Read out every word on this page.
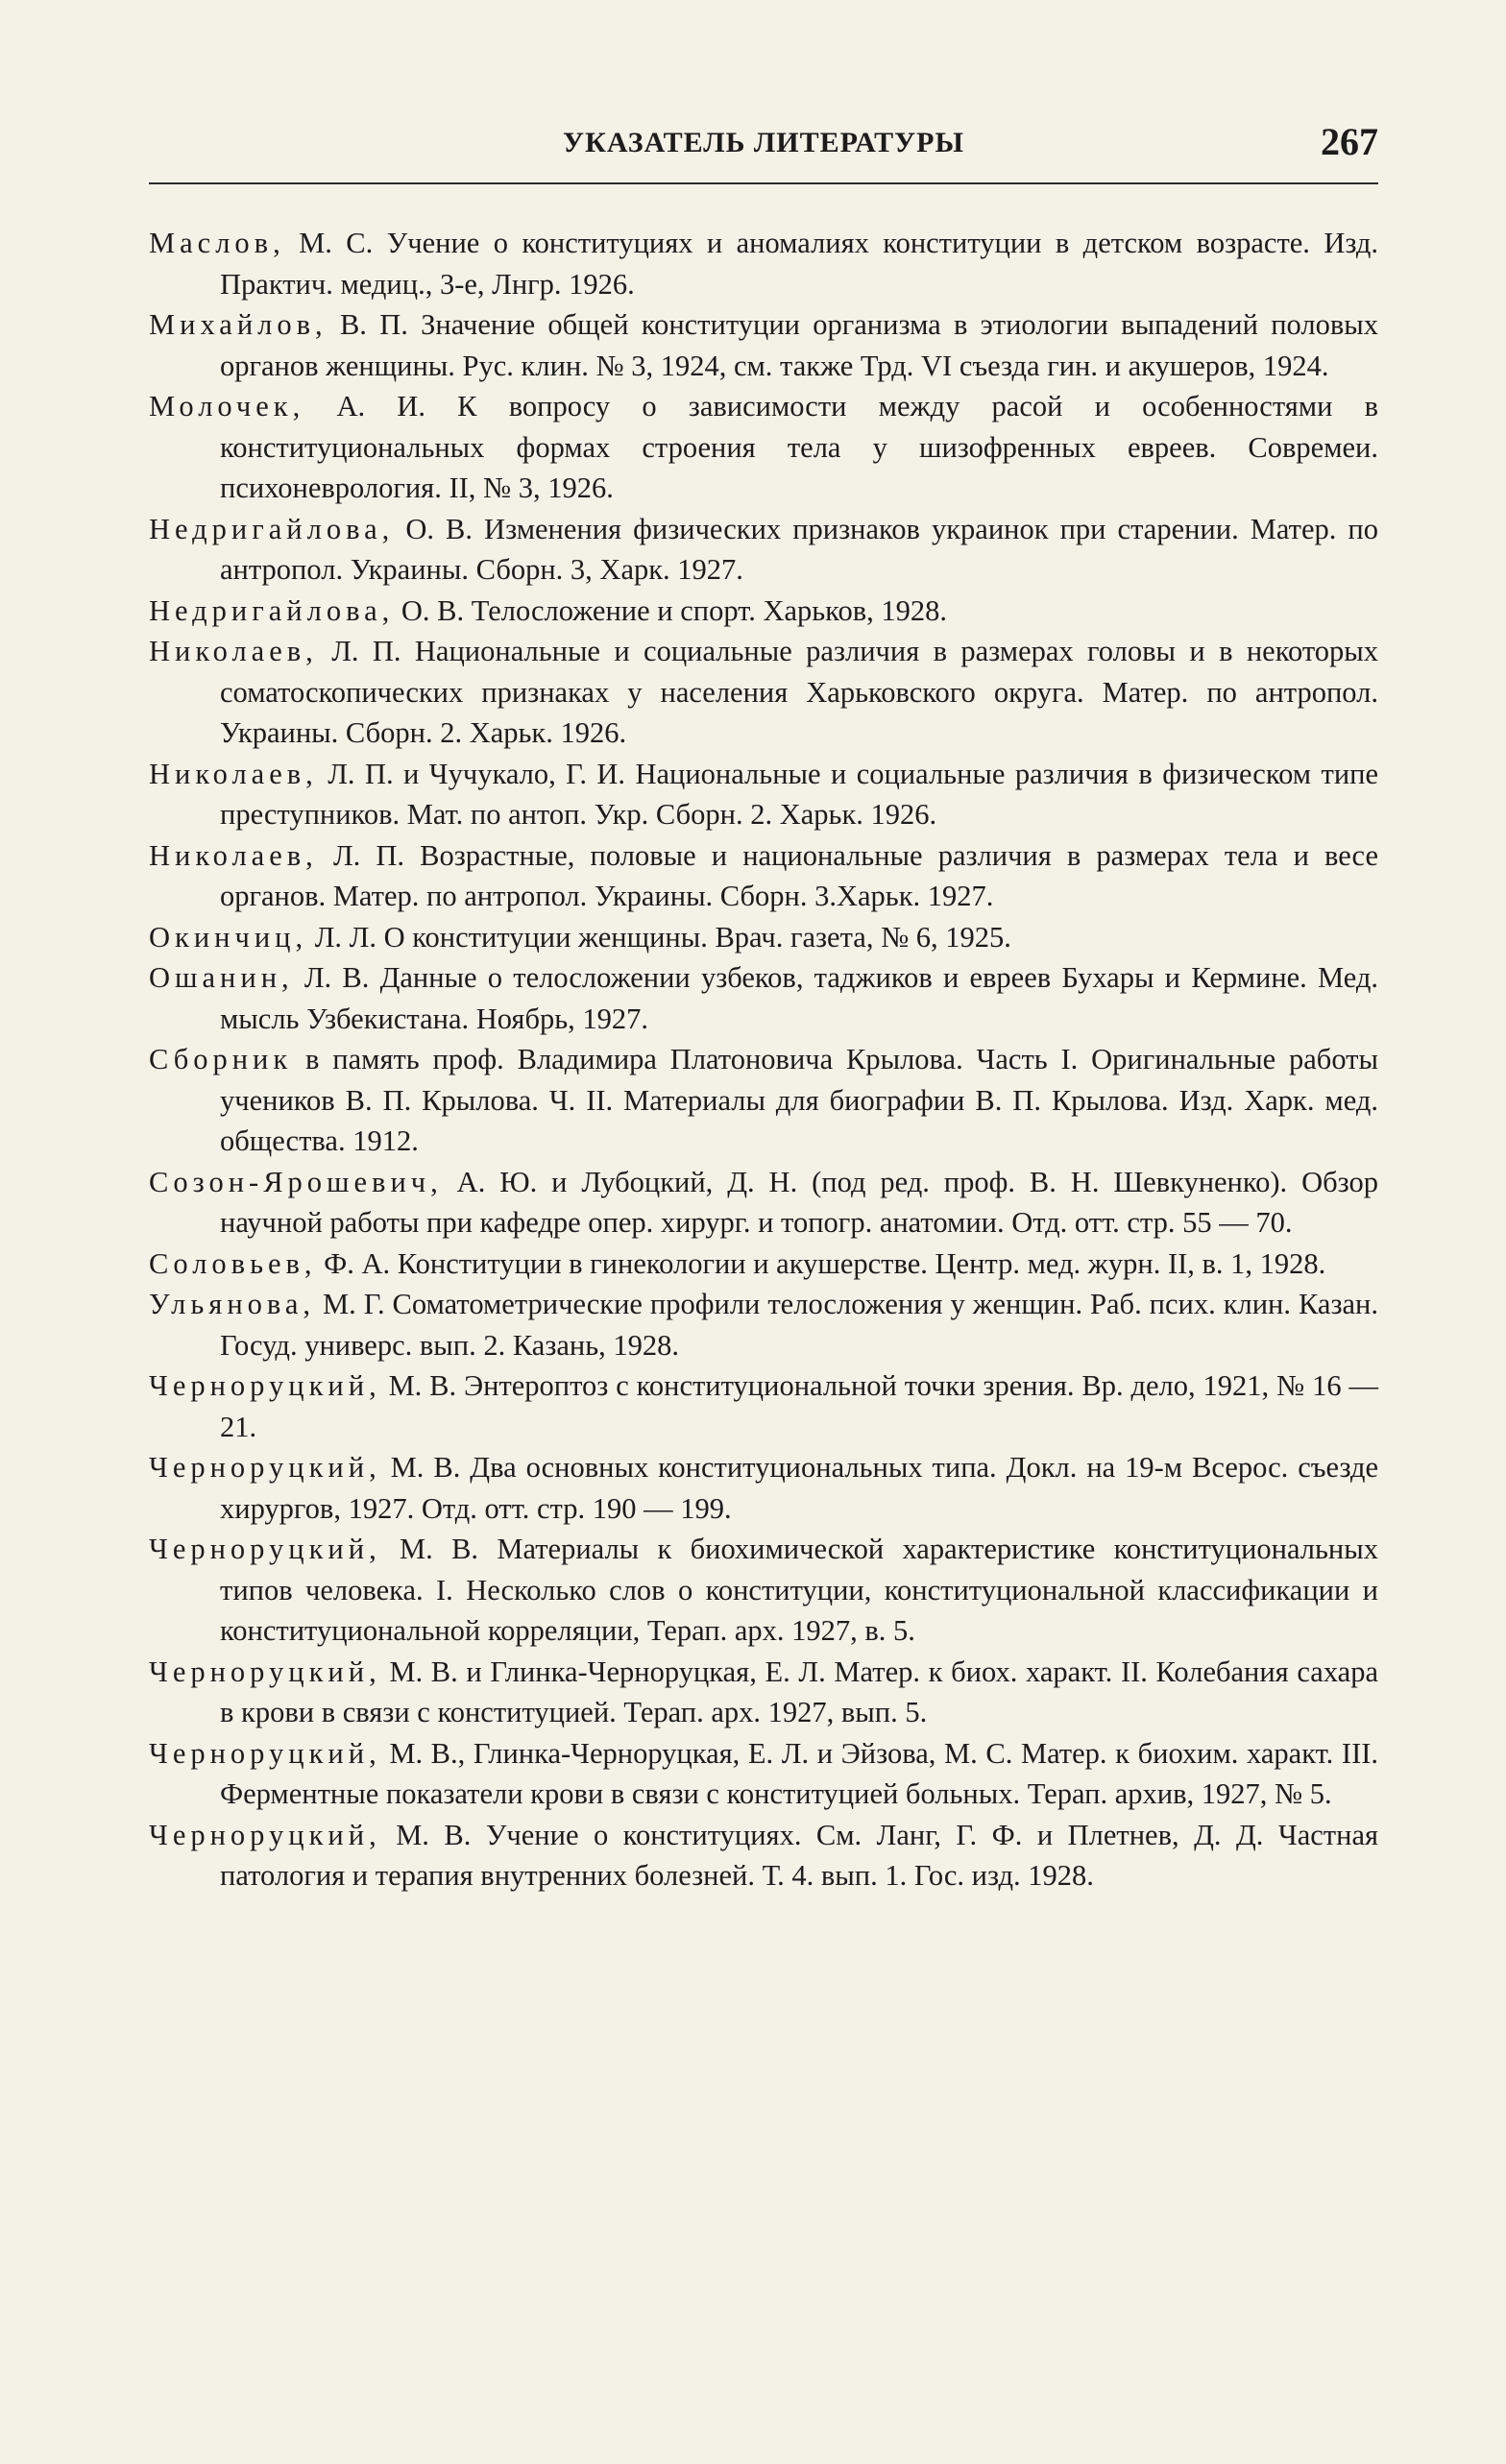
УКАЗАТЕЛЬ ЛИТЕРАТУРЫ	267

Маслов, М. С. Учение о конституциях и аномалиях конституции в детском возрасте. Изд. Практич. медиц., 3-е, Лнгр. 1926.

Михайлов, В. П. Значение общей конституции организма в этиологии выпадений половых органов женщины. Рус. клин. № 3, 1924, см. также Трд. VI съезда гин. и акушеров, 1924.

Молочек, А. И. К вопросу о зависимости между расой и особенностями в конституциональных формах строения тела у шизофренных евреев. Совремеи. психоневрология. II, № 3, 1926.

Недригайлова, О. В. Изменения физических признаков украинок при старении. Матер. по антропол. Украины. Сборн. 3, Харк. 1927.

Недригайлова, О. В. Телосложение и спорт. Харьков, 1928.

Николаев, Л. П. Национальные и социальные различия в размерах головы и в некоторых соматоскопических признаках у населения Харьковского округа. Матер. по антропол. Украины. Сборн. 2. Харьк. 1926.

Николаев, Л. П. и Чучукало, Г. И. Национальные и социальные различия в физическом типе преступников. Мат. по антоп. Укр. Сборн. 2. Харьк. 1926.

Николаев, Л. П. Возрастные, половые и национальные различия в размерах тела и весе органов. Матер. по антропол. Украины. Сборн. 3.Харьк. 1927.

Окинчиц, Л. Л. О конституции женщины. Врач. газета, № 6, 1925.

Ошанин, Л. В. Данные о телосложении узбеков, таджиков и евреев Бухары и Кермине. Мед. мысль Узбекистана. Ноябрь, 1927.

Сборник в память проф. Владимира Платоновича Крылова. Часть I. Оригинальные работы учеников В. П. Крылова. Ч. II. Материалы для биографии В. П. Крылова. Изд. Харк. мед. общества. 1912.

Созон-Ярошевич, А. Ю. и Лубоцкий, Д. Н. (под ред. проф. В. Н. Шевкуненко). Обзор научной работы при кафедре опер. хирург. и топогр. анатомии. Отд. отт. стр. 55 — 70.

Соловьев, Ф. А. Конституции в гинекологии и акушерстве. Центр. мед. журн. II, в. 1, 1928.

Ульянова, М. Г. Соматометрические профили телосложения у женщин. Раб. псих. клин. Казан. Госуд. универс. вып. 2. Казань, 1928.

Черноруцкий, М. В. Энтероптоз с конституциональной точки зрения. Вр. дело, 1921, № 16 — 21.

Черноруцкий, М. В. Два основных конституциональных типа. Докл. на 19-м Всерос. съезде хирургов, 1927. Отд. отт. стр. 190 — 199.

Черноруцкий, М. В. Материалы к биохимической характеристике конституциональных типов человека. I. Несколько слов о конституции, конституциональной классификации и конституциональной корреляции, Терап. арх. 1927, в. 5.

Черноруцкий, М. В. и Глинка-Черноруцкая, Е. Л. Матер. к биох. характ. II. Колебания сахара в крови в связи с конституцией. Терап. арх. 1927, вып. 5.

Черноруцкий, М. В., Глинка-Черноруцкая, Е. Л. и Эйзова, М. С. Матер. к биохим. характ. III. Ферментные показатели крови в связи с конституцией больных. Терап. архив, 1927, № 5.

Черноруцкий, М. В. Учение о конституциях. См. Ланг, Г. Ф. и Плетнев, Д. Д. Частная патология и терапия внутренних болезней. Т. 4. вып. 1. Гос. изд. 1928.
